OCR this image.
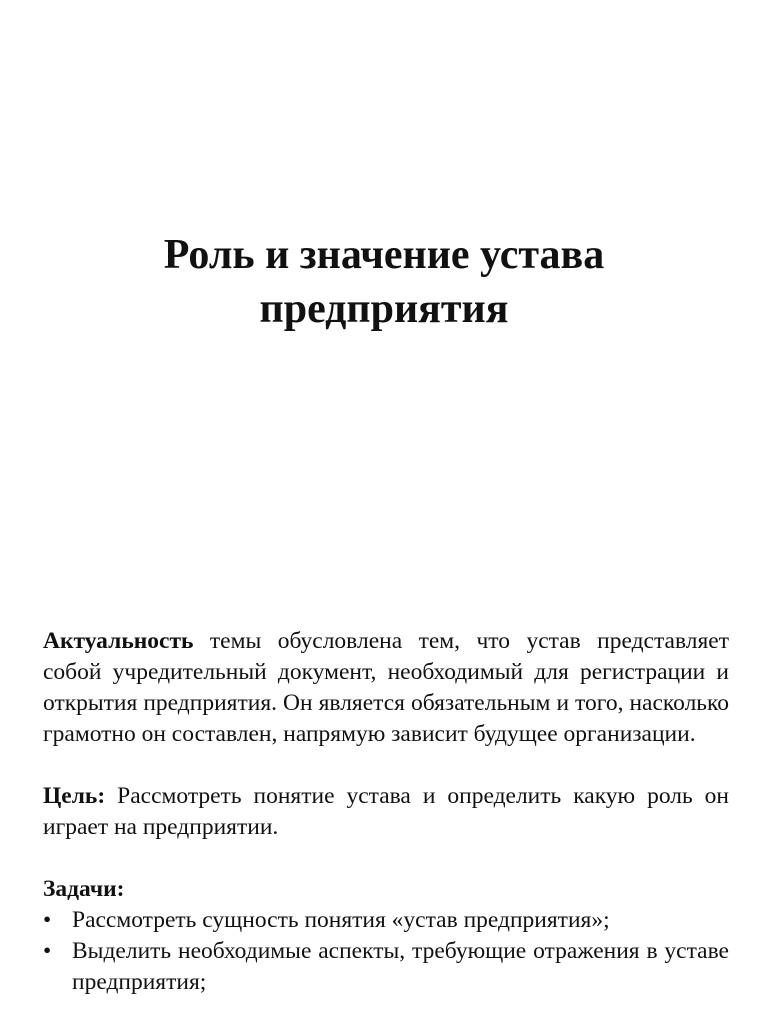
Роль и значение устава
предприятия

Актуальность темы обусловлена тем, что устав представляет собой учредительный документ, необходимый для регистрации и открытия предприятия. Он является обязательным и того, насколько грамотно он составлен, напрямую зависит будущее организации.

Цель: Рассмотреть понятие устава и определить какую роль он играет на предприятии.

Задачи:

• Рассмотреть сущность понятия «устав предприятия»;
• Выделить необходимые аспекты, требующие отражения в уставе предприятия;
